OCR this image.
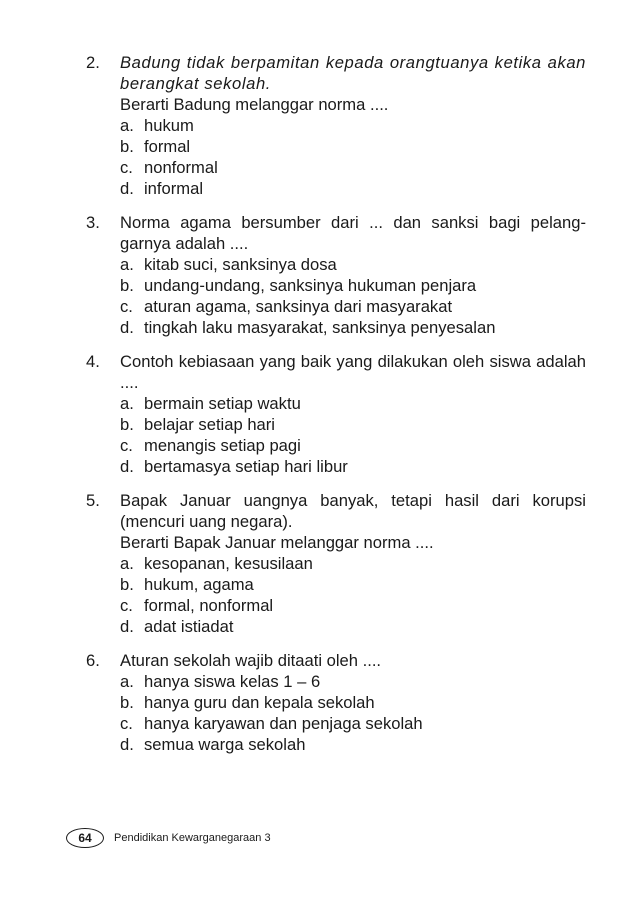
2.	Badung tidak berpamitan kepada orangtuanya ketika akan berangkat sekolah.
Berarti Badung melanggar norma ....
a. hukum
b. formal
c. nonformal
d. informal
3.	Norma agama bersumber dari ... dan sanksi bagi pelang- garnya adalah ....
a. kitab suci, sanksinya dosa
b. undang-undang, sanksinya hukuman penjara
c. aturan agama, sanksinya dari masyarakat
d. tingkah laku masyarakat, sanksinya penyesalan
4.	Contoh kebiasaan yang baik yang dilakukan oleh siswa adalah ....
a. bermain setiap waktu
b. belajar setiap hari
c. menangis setiap pagi
d. bertamasya setiap hari libur
5.	Bapak Januar uangnya banyak, tetapi hasil dari korupsi (mencuri uang negara).
Berarti Bapak Januar melanggar norma ....
a. kesopanan, kesusilaan
b. hukum, agama
c. formal, nonformal
d. adat istiadat
6.	Aturan sekolah wajib ditaati oleh ....
a. hanya siswa kelas 1 – 6
b. hanya guru dan kepala sekolah
c. hanya karyawan dan penjaga sekolah
d. semua warga sekolah
64	Pendidikan Kewarganegaraan 3
